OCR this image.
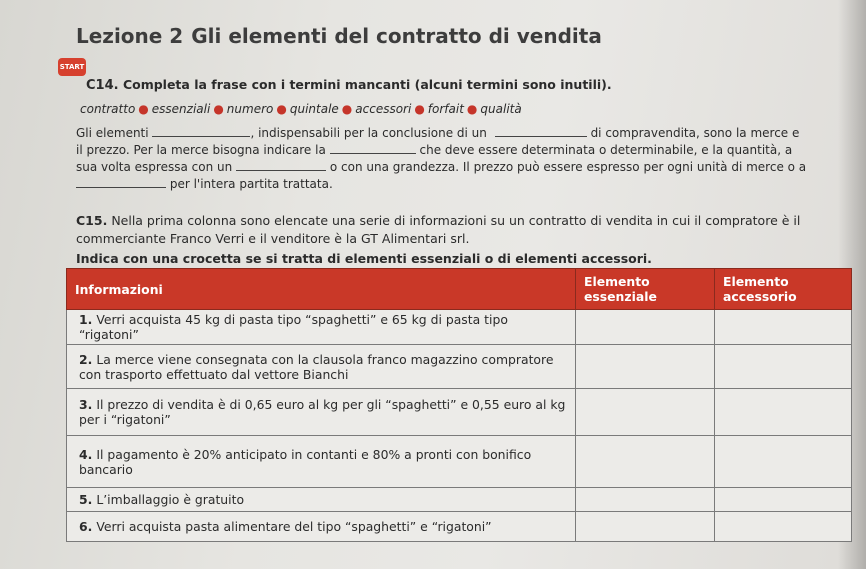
Lezione 2 Gli elementi del contratto di vendita
START
C14. Completa la frase con i termini mancanti (alcuni termini sono inutili).
contratto ● essenziali ● numero ● quintale ● accessori ● forfait ● qualità
Gli elementi	, indispensabili per la conclusione di un	di compravendita, sono la merce e
il prezzo. Per la merce bisogna indicare la	che deve essere determinata o determinabile, e la quantità, a
sua volta espressa con un	o con una grandezza. Il prezzo può essere espresso per ogni unità di merce o a
per l'intera partita trattata.
C15. Nella prima colonna sono elencate una serie di informazioni su un contratto di vendita in cui il compratore è il commerciante Franco Verri e il venditore è la GT Alimentari srl.
Indica con una crocetta se si tratta di elementi essenziali o di elementi accessori.
Informazioni	Elemento essenziale	Elemento accessorio
1. Verri acquista 45 kg di pasta tipo “spaghetti” e 65 kg di pasta tipo “rigatoni”		
2. La merce viene consegnata con la clausola franco magazzino compratore con trasporto effettuato dal vettore Bianchi		
3. Il prezzo di vendita è di 0,65 euro al kg per gli “spaghetti” e 0,55 euro al kg per i “rigatoni”		
4. Il pagamento è 20% anticipato in contanti e 80% a pronti con bonifico bancario		
5. L’imballaggio è gratuito		
6. Verri acquista pasta alimentare del tipo “spaghetti” e “rigatoni”		
